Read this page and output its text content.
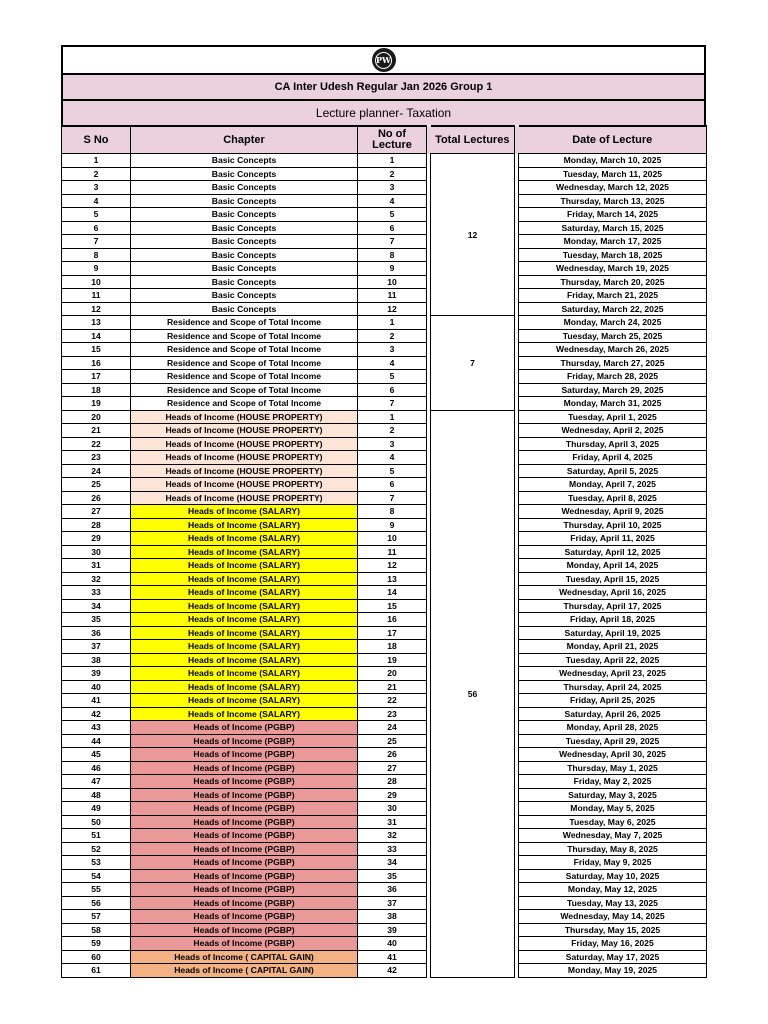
PW
CA Inter Udesh Regular Jan 2026 Group 1
Lecture planner- Taxation
S No	Chapter	No of Lecture		Total Lectures		Date of Lecture
1	Basic Concepts	1		12		Monday, March 10, 2025
2	Basic Concepts	2				Tuesday, March 11, 2025
3	Basic Concepts	3				Wednesday, March 12, 2025
4	Basic Concepts	4				Thursday, March 13, 2025
5	Basic Concepts	5				Friday, March 14, 2025
6	Basic Concepts	6				Saturday, March 15, 2025
7	Basic Concepts	7				Monday, March 17, 2025
8	Basic Concepts	8				Tuesday, March 18, 2025
9	Basic Concepts	9				Wednesday, March 19, 2025
10	Basic Concepts	10				Thursday, March 20, 2025
11	Basic Concepts	11				Friday, March 21, 2025
12	Basic Concepts	12				Saturday, March 22, 2025
13	Residence and Scope of Total Income	1		7		Monday, March 24, 2025
14	Residence and Scope of Total Income	2				Tuesday, March 25, 2025
15	Residence and Scope of Total Income	3				Wednesday, March 26, 2025
16	Residence and Scope of Total Income	4				Thursday, March 27, 2025
17	Residence and Scope of Total Income	5				Friday, March 28, 2025
18	Residence and Scope of Total Income	6				Saturday, March 29, 2025
19	Residence and Scope of Total Income	7				Monday, March 31, 2025
20	Heads of Income (HOUSE PROPERTY)	1		56		Tuesday, April 1, 2025
21	Heads of Income (HOUSE PROPERTY)	2				Wednesday, April 2, 2025
22	Heads of Income (HOUSE PROPERTY)	3				Thursday, April 3, 2025
23	Heads of Income (HOUSE PROPERTY)	4				Friday, April 4, 2025
24	Heads of Income (HOUSE PROPERTY)	5				Saturday, April 5, 2025
25	Heads of Income (HOUSE PROPERTY)	6				Monday, April 7, 2025
26	Heads of Income (HOUSE PROPERTY)	7				Tuesday, April 8, 2025
27	Heads of Income (SALARY)	8				Wednesday, April 9, 2025
28	Heads of Income (SALARY)	9				Thursday, April 10, 2025
29	Heads of Income (SALARY)	10				Friday, April 11, 2025
30	Heads of Income (SALARY)	11				Saturday, April 12, 2025
31	Heads of Income (SALARY)	12				Monday, April 14, 2025
32	Heads of Income (SALARY)	13				Tuesday, April 15, 2025
33	Heads of Income (SALARY)	14				Wednesday, April 16, 2025
34	Heads of Income (SALARY)	15				Thursday, April 17, 2025
35	Heads of Income (SALARY)	16				Friday, April 18, 2025
36	Heads of Income (SALARY)	17				Saturday, April 19, 2025
37	Heads of Income (SALARY)	18				Monday, April 21, 2025
38	Heads of Income (SALARY)	19				Tuesday, April 22, 2025
39	Heads of Income (SALARY)	20				Wednesday, April 23, 2025
40	Heads of Income (SALARY)	21				Thursday, April 24, 2025
41	Heads of Income (SALARY)	22				Friday, April 25, 2025
42	Heads of Income (SALARY)	23				Saturday, April 26, 2025
43	Heads of Income (PGBP)	24				Monday, April 28, 2025
44	Heads of Income (PGBP)	25				Tuesday, April 29, 2025
45	Heads of Income (PGBP)	26				Wednesday, April 30, 2025
46	Heads of Income (PGBP)	27				Thursday, May 1, 2025
47	Heads of Income (PGBP)	28				Friday, May 2, 2025
48	Heads of Income (PGBP)	29				Saturday, May 3, 2025
49	Heads of Income (PGBP)	30				Monday, May 5, 2025
50	Heads of Income (PGBP)	31				Tuesday, May 6, 2025
51	Heads of Income (PGBP)	32				Wednesday, May 7, 2025
52	Heads of Income (PGBP)	33				Thursday, May 8, 2025
53	Heads of Income (PGBP)	34				Friday, May 9, 2025
54	Heads of Income (PGBP)	35				Saturday, May 10, 2025
55	Heads of Income (PGBP)	36				Monday, May 12, 2025
56	Heads of Income (PGBP)	37				Tuesday, May 13, 2025
57	Heads of Income (PGBP)	38				Wednesday, May 14, 2025
58	Heads of Income (PGBP)	39				Thursday, May 15, 2025
59	Heads of Income (PGBP)	40				Friday, May 16, 2025
60	Heads of Income ( CAPITAL GAIN)	41				Saturday, May 17, 2025
61	Heads of Income ( CAPITAL GAIN)	42				Monday, May 19, 2025
